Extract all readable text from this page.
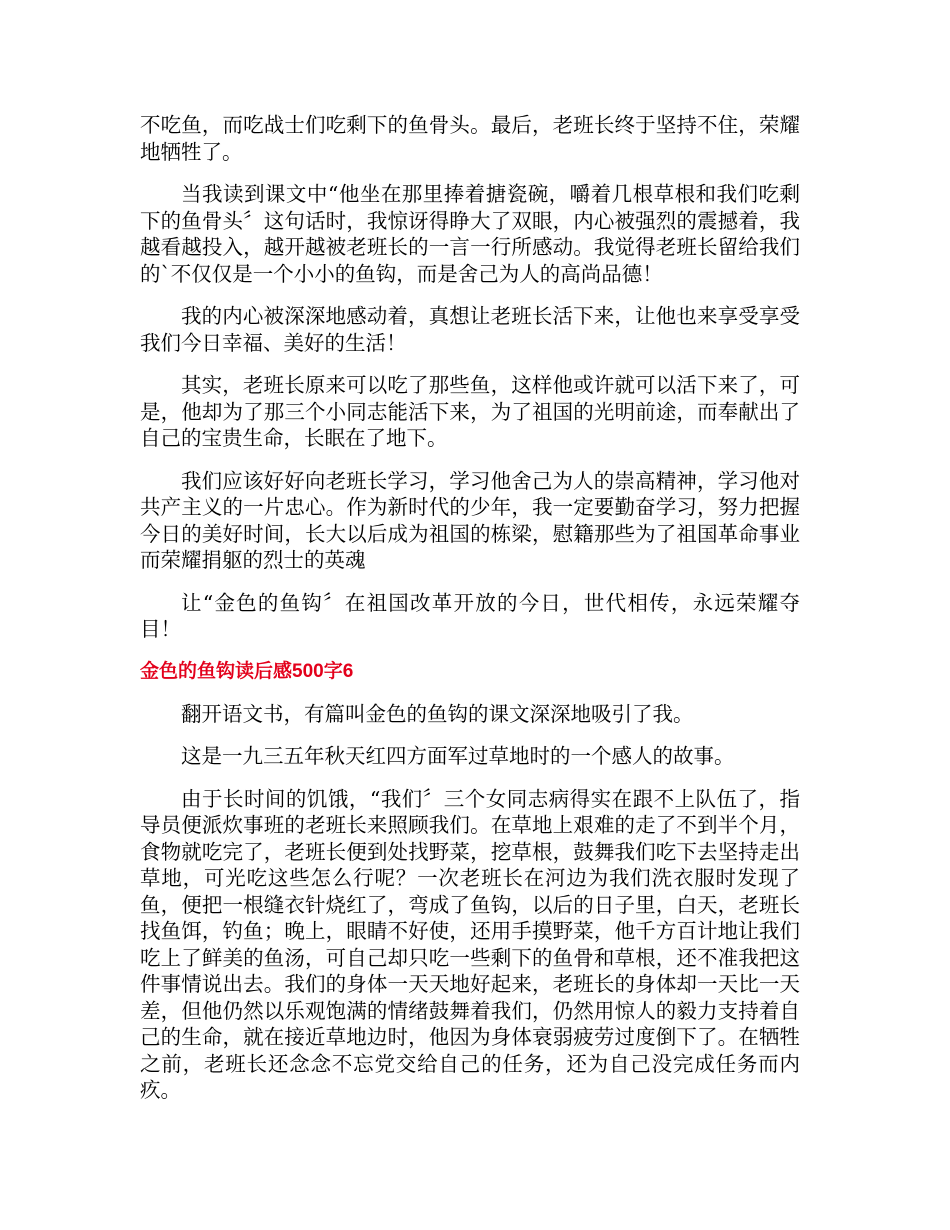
不吃鱼，而吃战士们吃剩下的鱼骨头。最后，老班长终于坚持不住，荣耀地牺牲了。

当我读到课文中“他坐在那里捧着搪瓷碗，嚼着几根草根和我们吃剩下的鱼骨头〞这句话时，我惊讶得睁大了双眼，内心被强烈的震撼着，我越看越投入，越开越被老班长的一言一行所感动。我觉得老班长留给我们的`不仅仅是一个小小的鱼钩，而是舍己为人的高尚品德！

我的内心被深深地感动着，真想让老班长活下来，让他也来享受享受我们今日幸福、美好的生活！

其实，老班长原来可以吃了那些鱼，这样他或许就可以活下来了，可是，他却为了那三个小同志能活下来，为了祖国的光明前途，而奉献出了自己的宝贵生命，长眠在了地下。

我们应该好好向老班长学习，学习他舍己为人的崇高精神，学习他对共产主义的一片忠心。作为新时代的少年，我一定要勤奋学习，努力把握今日的美好时间，长大以后成为祖国的栋梁，慰籍那些为了祖国革命事业而荣耀捐躯的烈士的英魂

让“金色的鱼钩〞在祖国改革开放的今日，世代相传，永远荣耀夺目！

金色的鱼钩读后感500字6

翻开语文书，有篇叫金色的鱼钩的课文深深地吸引了我。

这是一九三五年秋天红四方面军过草地时的一个感人的故事。

由于长时间的饥饿，“我们〞三个女同志病得实在跟不上队伍了，指导员便派炊事班的老班长来照顾我们。在草地上艰难的走了不到半个月，食物就吃完了，老班长便到处找野菜，挖草根，鼓舞我们吃下去坚持走出草地，可光吃这些怎么行呢？一次老班长在河边为我们洗衣服时发现了鱼，便把一根缝衣针烧红了，弯成了鱼钩，以后的日子里，白天，老班长找鱼饵，钓鱼；晚上，眼睛不好使，还用手摸野菜，他千方百计地让我们吃上了鲜美的鱼汤，可自己却只吃一些剩下的鱼骨和草根，还不准我把这件事情说出去。我们的身体一天天地好起来，老班长的身体却一天比一天差，但他仍然以乐观饱满的情绪鼓舞着我们，仍然用惊人的毅力支持着自己的生命，就在接近草地边时，他因为身体衰弱疲劳过度倒下了。在牺牲之前，老班长还念念不忘党交给自己的任务，还为自己没完成任务而内疚。
